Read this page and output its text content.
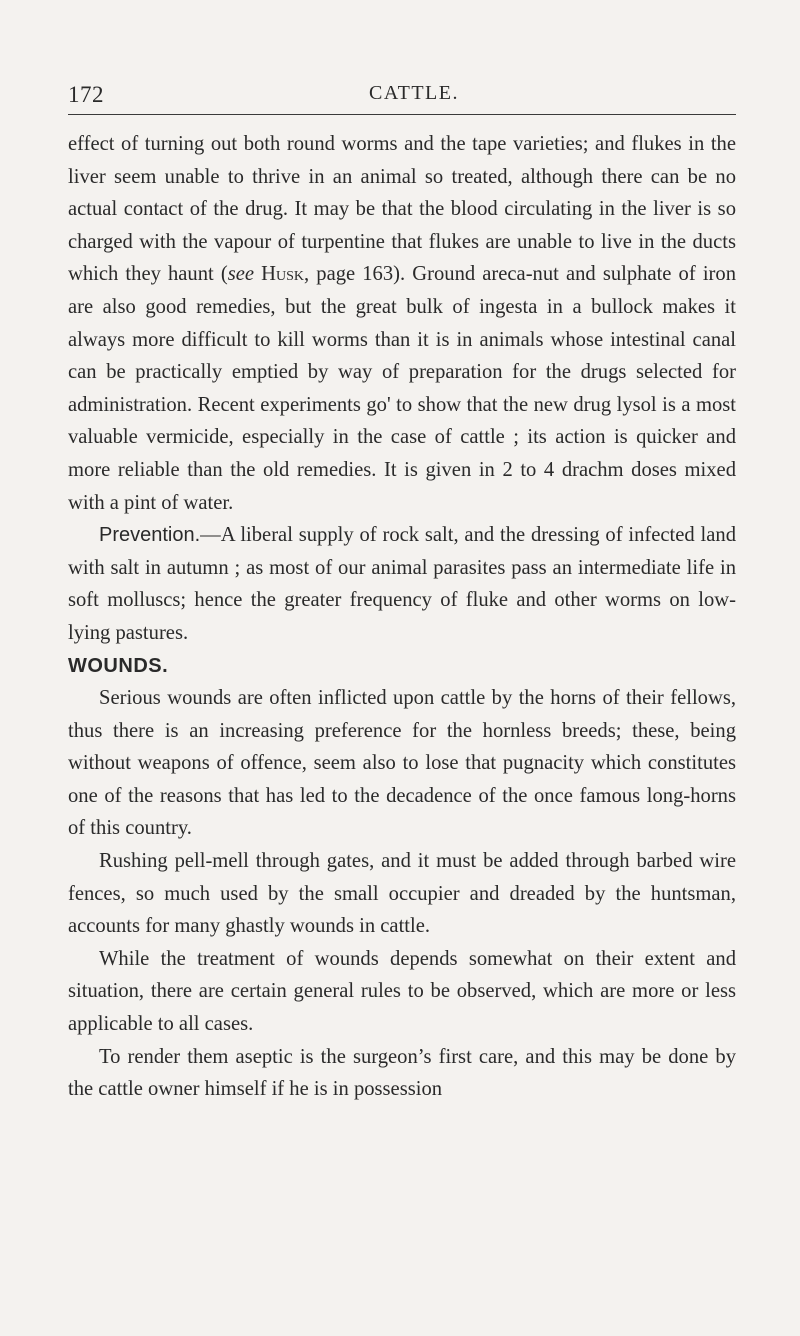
172	CATTLE.

effect of turning out both round worms and the tape varieties; and flukes in the liver seem unable to thrive in an animal so treated, although there can be no actual contact of the drug. It may be that the blood circulating in the liver is so charged with the vapour of turpentine that flukes are unable to live in the ducts which they haunt (see Husk, page 163). Ground areca-nut and sulphate of iron are also good remedies, but the great bulk of ingesta in a bullock makes it always more difficult to kill worms than it is in animals whose intestinal canal can be practically emptied by way of preparation for the drugs selected for administration. Recent experiments go' to show that the new drug lysol is a most valuable vermicide, especially in the case of cattle ; its action is quicker and more reliable than the old remedies. It is given in 2 to 4 drachm doses mixed with a pint of water.

Prevention.—A liberal supply of rock salt, and the dressing of infected land with salt in autumn ; as most of our animal parasites pass an intermediate life in soft molluscs; hence the greater frequency of fluke and other worms on low-lying pastures.

WOUNDS.

Serious wounds are often inflicted upon cattle by the horns of their fellows, thus there is an increasing preference for the hornless breeds; these, being without weapons of offence, seem also to lose that pugnacity which constitutes one of the reasons that has led to the decadence of the once famous long-horns of this country.

Rushing pell-mell through gates, and it must be added through barbed wire fences, so much used by the small occupier and dreaded by the huntsman, accounts for many ghastly wounds in cattle.

While the treatment of wounds depends somewhat on their extent and situation, there are certain general rules to be observed, which are more or less applicable to all cases.

To render them aseptic is the surgeon’s first care, and this may be done by the cattle owner himself if he is in possession
